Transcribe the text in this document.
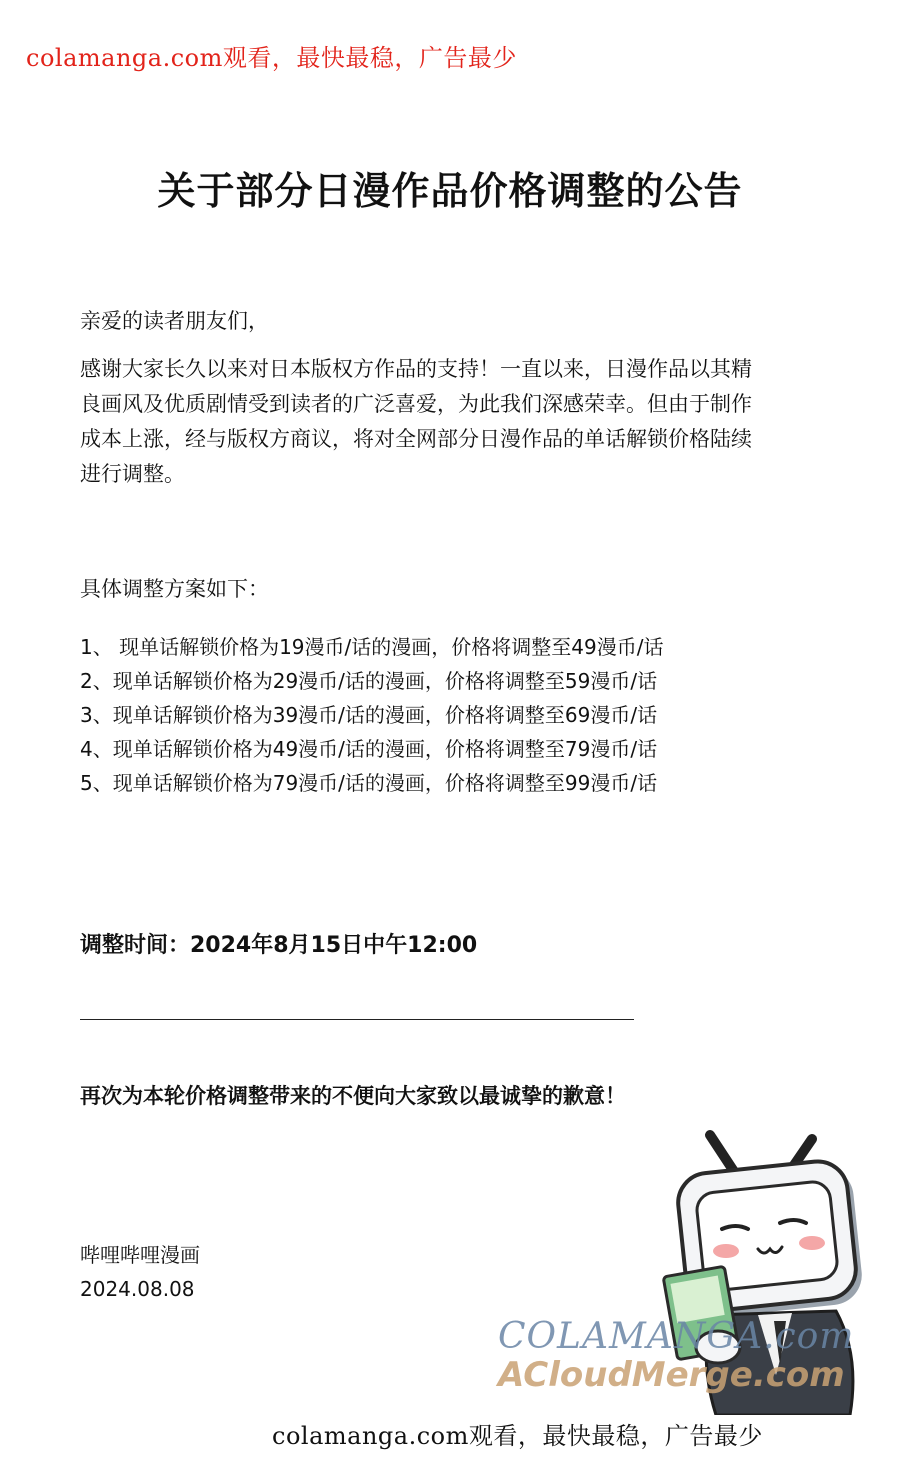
colamanga.com观看，最快最稳，广告最少
关于部分日漫作品价格调整的公告
亲爱的读者朋友们，
感谢大家长久以来对日本版权方作品的支持！一直以来，日漫作品以其精
良画风及优质剧情受到读者的广泛喜爱，为此我们深感荣幸。但由于制作
成本上涨，经与版权方商议，将对全网部分日漫作品的单话解锁价格陆续
进行调整。
具体调整方案如下：
1、 现单话解锁价格为19漫币/话的漫画，价格将调整至49漫币/话
2、现单话解锁价格为29漫币/话的漫画，价格将调整至59漫币/话
3、现单话解锁价格为39漫币/话的漫画，价格将调整至69漫币/话
4、现单话解锁价格为49漫币/话的漫画，价格将调整至79漫币/话
5、现单话解锁价格为79漫币/话的漫画，价格将调整至99漫币/话
调整时间：2024年8月15日中午12:00
再次为本轮价格调整带来的不便向大家致以最诚挚的歉意！
哔哩哔哩漫画
2024.08.08
COLAMANGA.com
ACloudMerge.com
colamanga.com观看，最快最稳，广告最少
